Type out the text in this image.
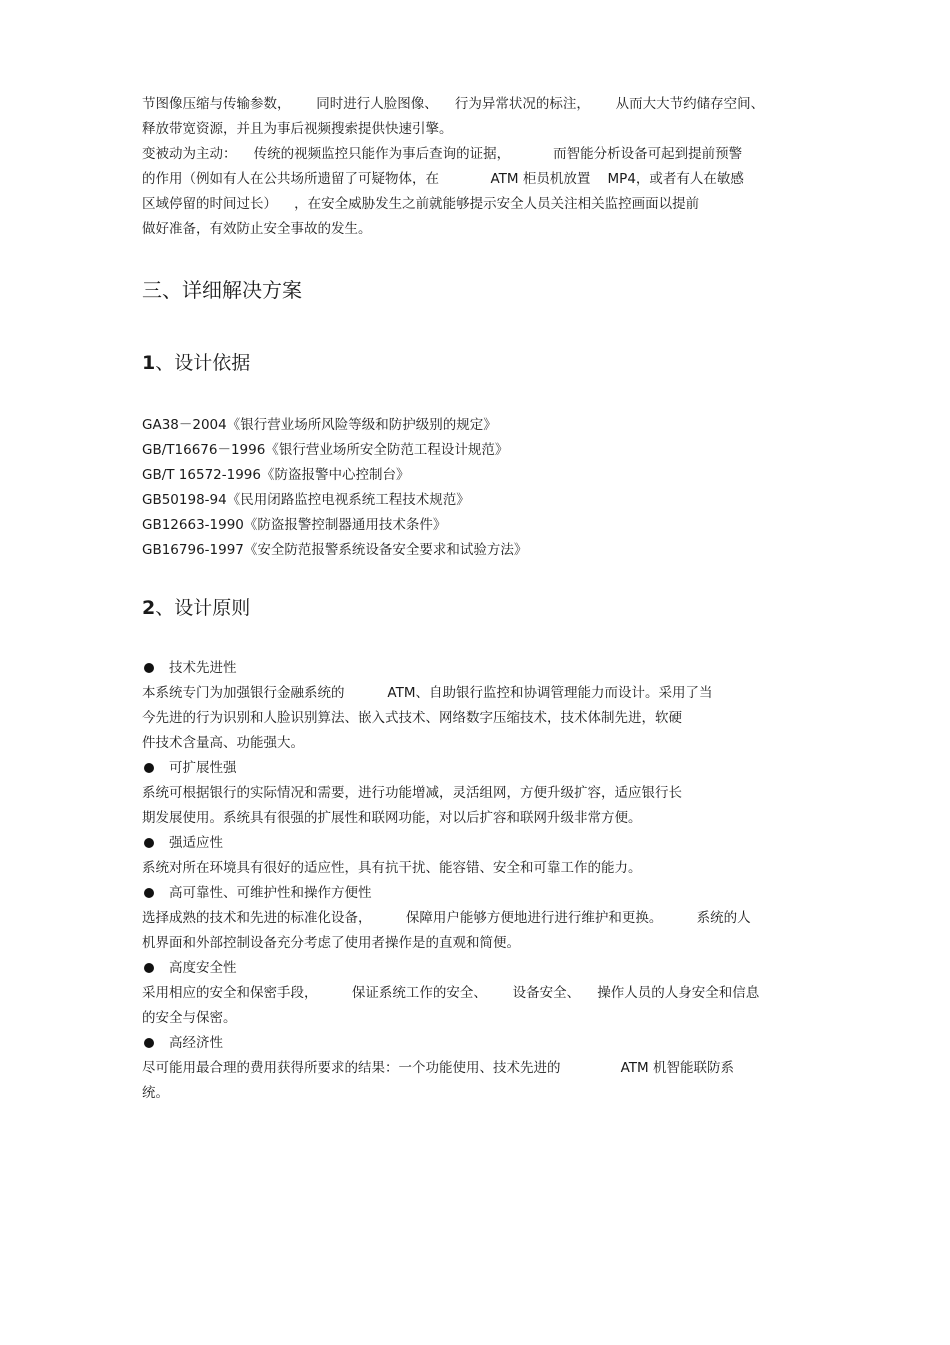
节图像压缩与传输参数，      同时进行人脸图像、    行为异常状况的标注，      从而大大节约储存空间、
释放带宽资源，并且为事后视频搜索提供快速引擎。
变被动为主动：    传统的视频监控只能作为事后查询的证据，          而智能分析设备可起到提前预警
的作用（例如有人在公共场所遗留了可疑物体，在            ATM 柜员机放置    MP4，或者有人在敏感
区域停留的时间过长）    ，在安全威胁发生之前就能够提示安全人员关注相关监控画面以提前
做好准备，有效防止安全事故的发生。
三、详细解决方案
1、设计依据
GA38－2004《银行营业场所风险等级和防护级别的规定》
GB/T16676－1996《银行营业场所安全防范工程设计规范》
GB/T 16572-1996《防盗报警中心控制台》
GB50198-94《民用闭路监控电视系统工程技术规范》
GB12663-1990《防盗报警控制器通用技术条件》
GB16796-1997《安全防范报警系统设备安全要求和试验方法》
2、设计原则
技术先进性
本系统专门为加强银行金融系统的          ATM、自助银行监控和协调管理能力而设计。采用了当
今先进的行为识别和人脸识别算法、嵌入式技术、网络数字压缩技术，技术体制先进，软硬
件技术含量高、功能强大。
可扩展性强
系统可根据银行的实际情况和需要，进行功能增减，灵活组网，方便升级扩容，适应银行长
期发展使用。系统具有很强的扩展性和联网功能，对以后扩容和联网升级非常方便。
强适应性
系统对所在环境具有很好的适应性，具有抗干扰、能容错、安全和可靠工作的能力。
高可靠性、可维护性和操作方便性
选择成熟的技术和先进的标准化设备，        保障用户能够方便地进行进行维护和更换。        系统的人
机界面和外部控制设备充分考虑了使用者操作是的直观和简便。
高度安全性
采用相应的安全和保密手段，        保证系统工作的安全、      设备安全、    操作人员的人身安全和信息
的安全与保密。
高经济性
尽可能用最合理的费用获得所要求的结果：一个功能使用、技术先进的              ATM 机智能联防系
统。
